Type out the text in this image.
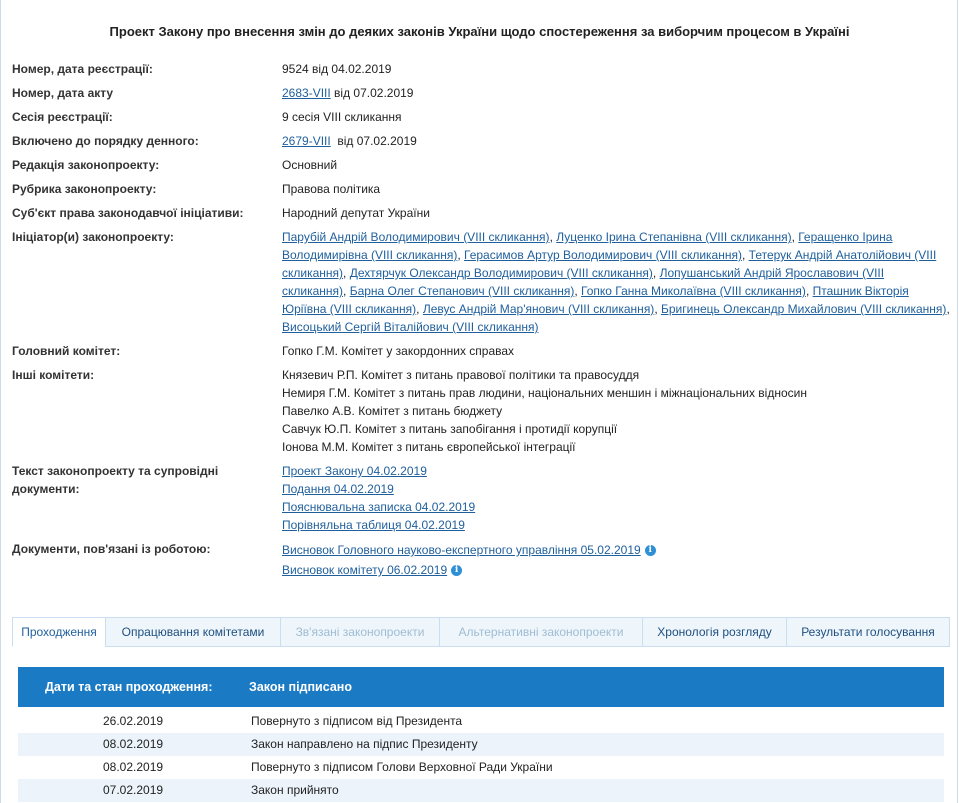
Проект Закону про внесення змін до деяких законів України щодо спостереження за виборчим процесом в Україні
Номер, дата реєстрації:	9524 від 04.02.2019
Номер, дата акту	2683-VIII від 07.02.2019
Сесія реєстрації:	9 сесія VIII скликання
Включено до порядку денного:	2679-VIII  від 07.02.2019
Редакція законопроекту:	Основний
Рубрика законопроекту:	Правова політика
Суб'єкт права законодавчої ініціативи:	Народний депутат України
Ініціатор(и) законопроекту:	Парубій Андрій Володимирович (VIII скликання), Луценко Ірина Степанівна (VIII скликання), Геращенко Ірина
Володимирівна (VIII скликання), Герасимов Артур Володимирович (VIII скликання), Тетерук Андрій Анатолійович (VIII
скликання), Дехтярчук Олександр Володимирович (VIII скликання), Лопушанський Андрій Ярославович (VIII
скликання), Барна Олег Степанович (VIII скликання), Гопко Ганна Миколаївна (VIII скликання), Пташник Вікторія
Юріївна (VIII скликання), Левус Андрій Мар'янович (VIII скликання), Бригинець Олександр Михайлович (VIII скликання),
Висоцький Сергій Віталійович (VIII скликання)
Головний комітет:	Гопко Г.М. Комітет у закордонних справах
Інші комітети:	Князевич Р.П. Комітет з питань правової політики та правосуддя
Немиря Г.М. Комітет з питань прав людини, національних меншин і міжнаціональних відносин
Павелко А.В. Комітет з питань бюджету
Савчук Ю.П. Комітет з питань запобігання і протидії корупції
Іонова М.М. Комітет з питань європейської інтеграції
Текст законопроекту та супровідні
документи:
Проект Закону 04.02.2019
Подання 04.02.2019
Пояснювальна записка 04.02.2019
Порівняльна таблиця 04.02.2019
Документи, пов'язані із роботою:	Висновок Головного науково-експертного управління 05.02.2019 i
Висновок комітету 06.02.2019 i
Проходження	Опрацювання комітетами	Зв'язані законопроекти	Альтернативні законопроекти	Хронологія розгляду	Результати голосування
Дати та стан проходження:	Закон підписано
26.02.2019	Повернуто з підписом від Президента
08.02.2019	Закон направлено на підпис Президенту
08.02.2019	Повернуто з підписом Голови Верховної Ради України
07.02.2019	Закон прийнято
